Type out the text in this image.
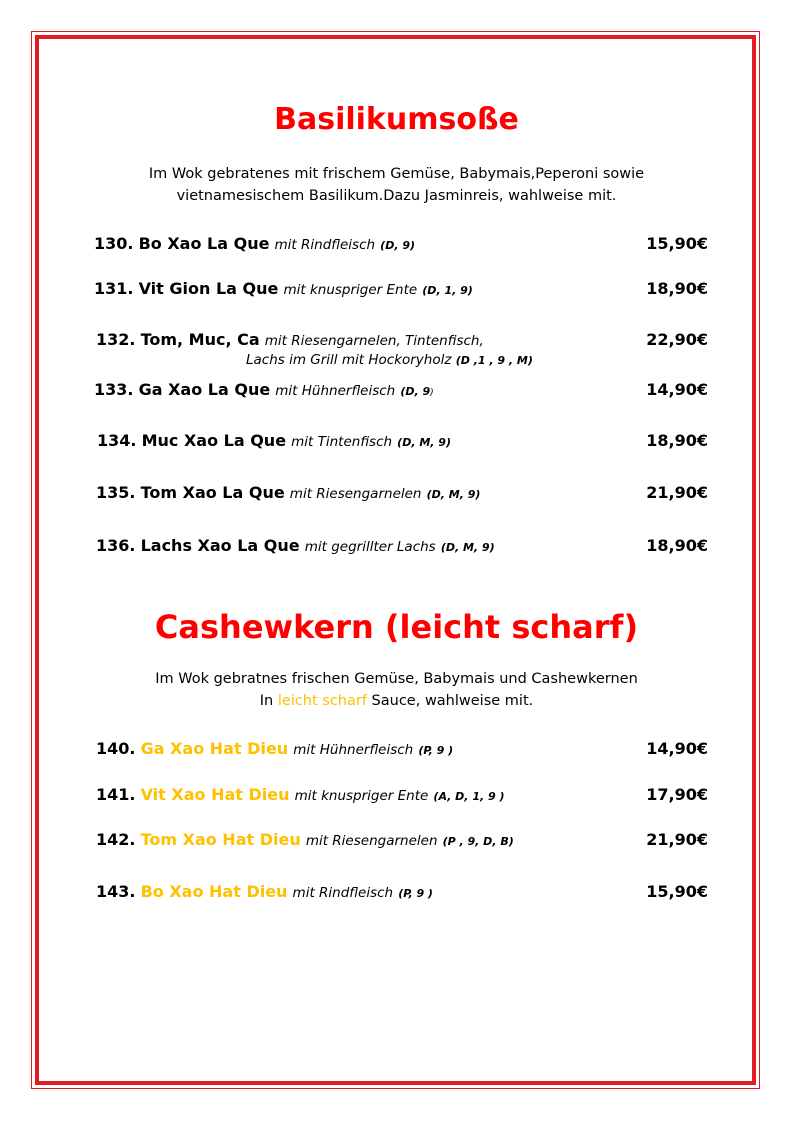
Basilikumsoße
Im Wok gebratenes mit frischem Gemüse, Babymais,Peperoni sowie
vietnamesischem Basilikum.Dazu Jasminreis, wahlweise mit.
130. Bo Xao La Que mit Rindfleisch (D, 9)	15,90€
131. Vit Gion La Que mit knuspriger Ente (D, 1, 9)	18,90€
132. Tom, Muc, Ca mit Riesengarnelen, Tintenfisch,	22,90€
Lachs im Grill mit Hockoryholz (D ,1 , 9 , M)
133. Ga Xao La Que mit Hühnerfleisch (D, 9)	14,90€
134. Muc Xao La Que mit Tintenfisch (D, M, 9)	18,90€
135. Tom Xao La Que mit Riesengarnelen (D, M, 9)	21,90€
136. Lachs Xao La Que mit gegrillter Lachs (D, M, 9)	18,90€
Cashewkern (leicht scharf)
Im Wok gebratnes frischen Gemüse, Babymais und Cashewkernen
In leicht scharf Sauce, wahlweise mit.
140. Ga Xao Hat Dieu mit Hühnerfleisch (P, 9 )	14,90€
141. Vit Xao Hat Dieu mit knuspriger Ente (A, D, 1, 9 )	17,90€
142. Tom Xao Hat Dieu mit Riesengarnelen (P , 9, D, B)	21,90€
143. Bo Xao Hat Dieu mit Rindfleisch (P, 9 )	15,90€
